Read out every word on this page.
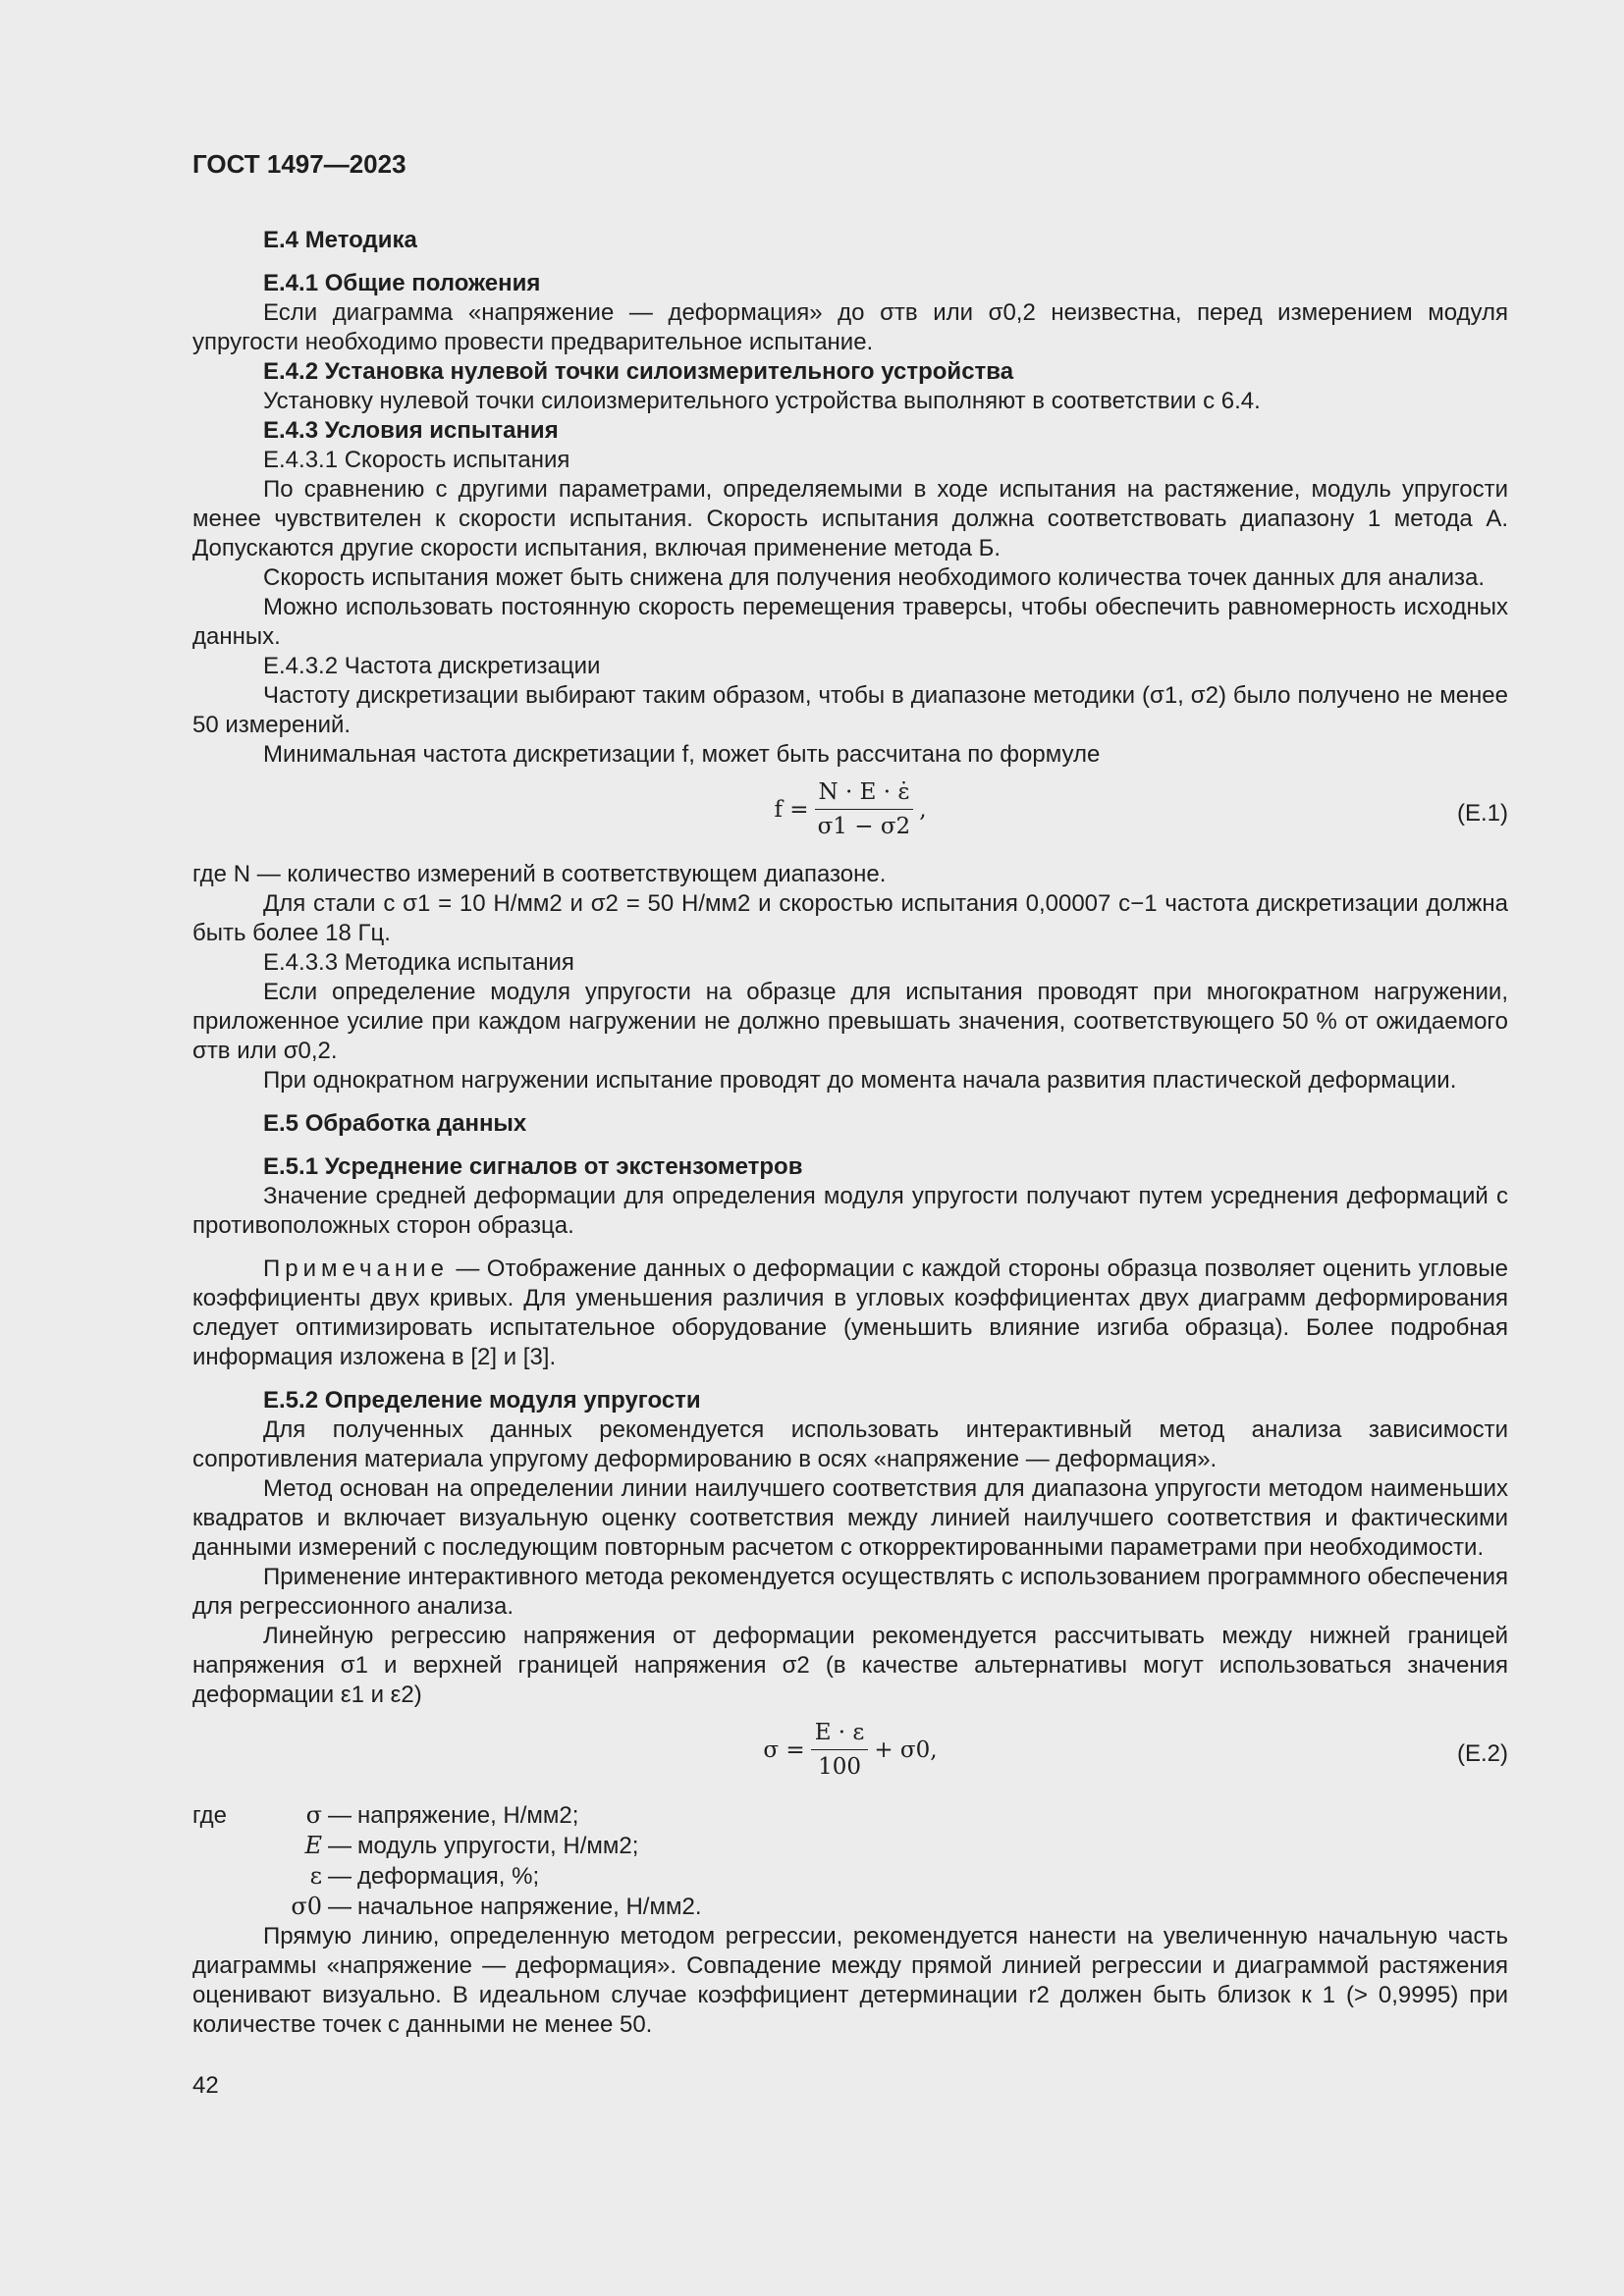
ГОСТ 1497—2023

Е.4 Методика

Е.4.1 Общие положения

Если диаграмма «напряжение — деформация» до σтв или σ0,2 неизвестна, перед измерением модуля упругости необходимо провести предварительное испытание.

Е.4.2 Установка нулевой точки силоизмерительного устройства

Установку нулевой точки силоизмерительного устройства выполняют в соответствии с 6.4.

Е.4.3 Условия испытания

Е.4.3.1 Скорость испытания

По сравнению с другими параметрами, определяемыми в ходе испытания на растяжение, модуль упругости менее чувствителен к скорости испытания. Скорость испытания должна соответствовать диапазону 1 метода А. Допускаются другие скорости испытания, включая применение метода Б.

Скорость испытания может быть снижена для получения необходимого количества точек данных для анализа.

Можно использовать постоянную скорость перемещения траверсы, чтобы обеспечить равномерность исходных данных.

Е.4.3.2 Частота дискретизации

Частоту дискретизации выбирают таким образом, чтобы в диапазоне методики (σ1, σ2) было получено не менее 50 измерений.

Минимальная частота дискретизации f, может быть рассчитана по формуле

$f = \frac{N \cdot E \cdot \varepsiloṅ}{\sigma 1 - \sigma 2}$ ,	(Е.1)

где N — количество измерений в соответствующем диапазоне.

Для стали с σ1 = 10 Н/мм2 и σ2 = 50 Н/мм2 и скоростью испытания 0,00007 с−1 частота дискретизации должна быть более 18 Гц.

Е.4.3.3 Методика испытания

Если определение модуля упругости на образце для испытания проводят при многократном нагружении, приложенное усилие при каждом нагружении не должно превышать значения, соответствующего 50 % от ожидаемого σтв или σ0,2.

При однократном нагружении испытание проводят до момента начала развития пластической деформации.

Е.5 Обработка данных

Е.5.1 Усреднение сигналов от экстензометров

Значение средней деформации для определения модуля упругости получают путем усреднения деформаций с противоположных сторон образца.

Примечание — Отображение данных о деформации с каждой стороны образца позволяет оценить угловые коэффициенты двух кривых. Для уменьшения различия в угловых коэффициентах двух диаграмм деформирования следует оптимизировать испытательное оборудование (уменьшить влияние изгиба образца). Более подробная информация изложена в [2] и [3].

Е.5.2 Определение модуля упругости

Для полученных данных рекомендуется использовать интерактивный метод анализа зависимости сопротивления материала упругому деформированию в осях «напряжение — деформация».

Метод основан на определении линии наилучшего соответствия для диапазона упругости методом наименьших квадратов и включает визуальную оценку соответствия между линией наилучшего соответствия и фактическими данными измерений с последующим повторным расчетом с откорректированными параметрами при необходимости.

Применение интерактивного метода рекомендуется осуществлять с использованием программного обеспечения для регрессионного анализа.

Линейную регрессию напряжения от деформации рекомендуется рассчитывать между нижней границей напряжения σ1 и верхней границей напряжения σ2 (в качестве альтернативы могут использоваться значения деформации ε1 и ε2)

$\sigma = \frac{E \cdot \varepsilon}{100} + \sigma 0$,	(Е.2)
где	σ — напряжение, Н/мм2;
E — модуль упругости, Н/мм2;
ε — деформация, %;
σ0 — начальное напряжение, Н/мм2.

Прямую линию, определенную методом регрессии, рекомендуется нанести на увеличенную начальную часть диаграммы «напряжение — деформация». Совпадение между прямой линией регрессии и диаграммой растяжения оценивают визуально. В идеальном случае коэффициент детерминации r2 должен быть близок к 1 (> 0,9995) при количестве точек с данными не менее 50.

42
